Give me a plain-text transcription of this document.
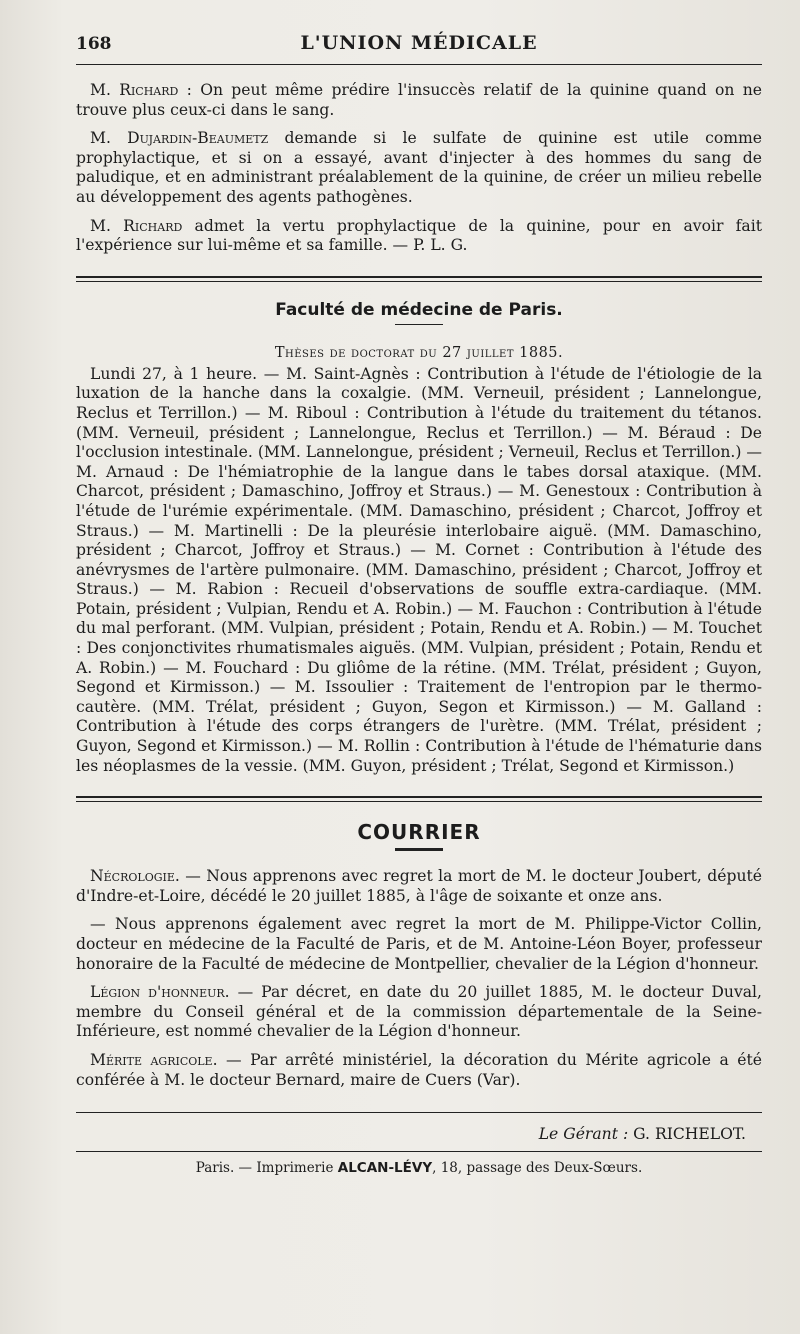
168	L'UNION MÉDICALE

M. Richard : On peut même prédire l'insuccès relatif de la quinine quand on ne trouve plus ceux-ci dans le sang.

M. Dujardin-Beaumetz demande si le sulfate de quinine est utile comme prophylactique, et si on a essayé, avant d'injecter à des hommes du sang de paludique, et en administrant préalablement de la quinine, de créer un milieu rebelle au développement des agents pathogènes.

M. Richard admet la vertu prophylactique de la quinine, pour en avoir fait l'expérience sur lui-même et sa famille. — P. L. G.

Faculté de médecine de Paris.
Thèses de doctorat du 27 juillet 1885.

Lundi 27, à 1 heure. — M. Saint-Agnès : Contribution à l'étude de l'étiologie de la luxation de la hanche dans la coxalgie. (MM. Verneuil, président ; Lannelongue, Reclus et Terrillon.) — M. Riboul : Contribution à l'étude du traitement du tétanos. (MM. Verneuil, président ; Lannelongue, Reclus et Terrillon.) — M. Béraud : De l'occlusion intestinale. (MM. Lannelongue, président ; Verneuil, Reclus et Terrillon.) — M. Arnaud : De l'hémiatrophie de la langue dans le tabes dorsal ataxique. (MM. Charcot, président ; Damaschino, Joffroy et Straus.) — M. Genestoux : Contribution à l'étude de l'urémie expérimentale. (MM. Damaschino, président ; Charcot, Joffroy et Straus.) — M. Martinelli : De la pleurésie interlobaire aiguë. (MM. Damaschino, président ; Charcot, Joffroy et Straus.) — M. Cornet : Contribution à l'étude des anévrysmes de l'artère pulmonaire. (MM. Damaschino, président ; Charcot, Joffroy et Straus.) — M. Rabion : Recueil d'observations de souffle extra-cardiaque. (MM. Potain, président ; Vulpian, Rendu et A. Robin.) — M. Fauchon : Contribution à l'étude du mal perforant. (MM. Vulpian, président ; Potain, Rendu et A. Robin.) — M. Touchet : Des conjonctivites rhumatismales aiguës. (MM. Vulpian, président ; Potain, Rendu et A. Robin.) — M. Fouchard : Du gliôme de la rétine. (MM. Trélat, président ; Guyon, Segond et Kirmisson.) — M. Issoulier : Traitement de l'entropion par le thermo-cautère. (MM. Trélat, président ; Guyon, Segon et Kirmisson.) — M. Galland : Contribution à l'étude des corps étrangers de l'urètre. (MM. Trélat, président ; Guyon, Segond et Kirmisson.) — M. Rollin : Contribution à l'étude de l'hématurie dans les néoplasmes de la vessie. (MM. Guyon, président ; Trélat, Segond et Kirmisson.)

COURRIER

Nécrologie. — Nous apprenons avec regret la mort de M. le docteur Joubert, député d'Indre-et-Loire, décédé le 20 juillet 1885, à l'âge de soixante et onze ans.

— Nous apprenons également avec regret la mort de M. Philippe-Victor Collin, docteur en médecine de la Faculté de Paris, et de M. Antoine-Léon Boyer, professeur honoraire de la Faculté de médecine de Montpellier, chevalier de la Légion d'honneur.

Légion d'honneur. — Par décret, en date du 20 juillet 1885, M. le docteur Duval, membre du Conseil général et de la commission départementale de la Seine-Inférieure, est nommé chevalier de la Légion d'honneur.

Mérite agricole. — Par arrêté ministériel, la décoration du Mérite agricole a été conférée à M. le docteur Bernard, maire de Cuers (Var).

Le Gérant : G. RICHELOT.
Paris. — Imprimerie ALCAN-LÉVY, 18, passage des Deux-Sœurs.
